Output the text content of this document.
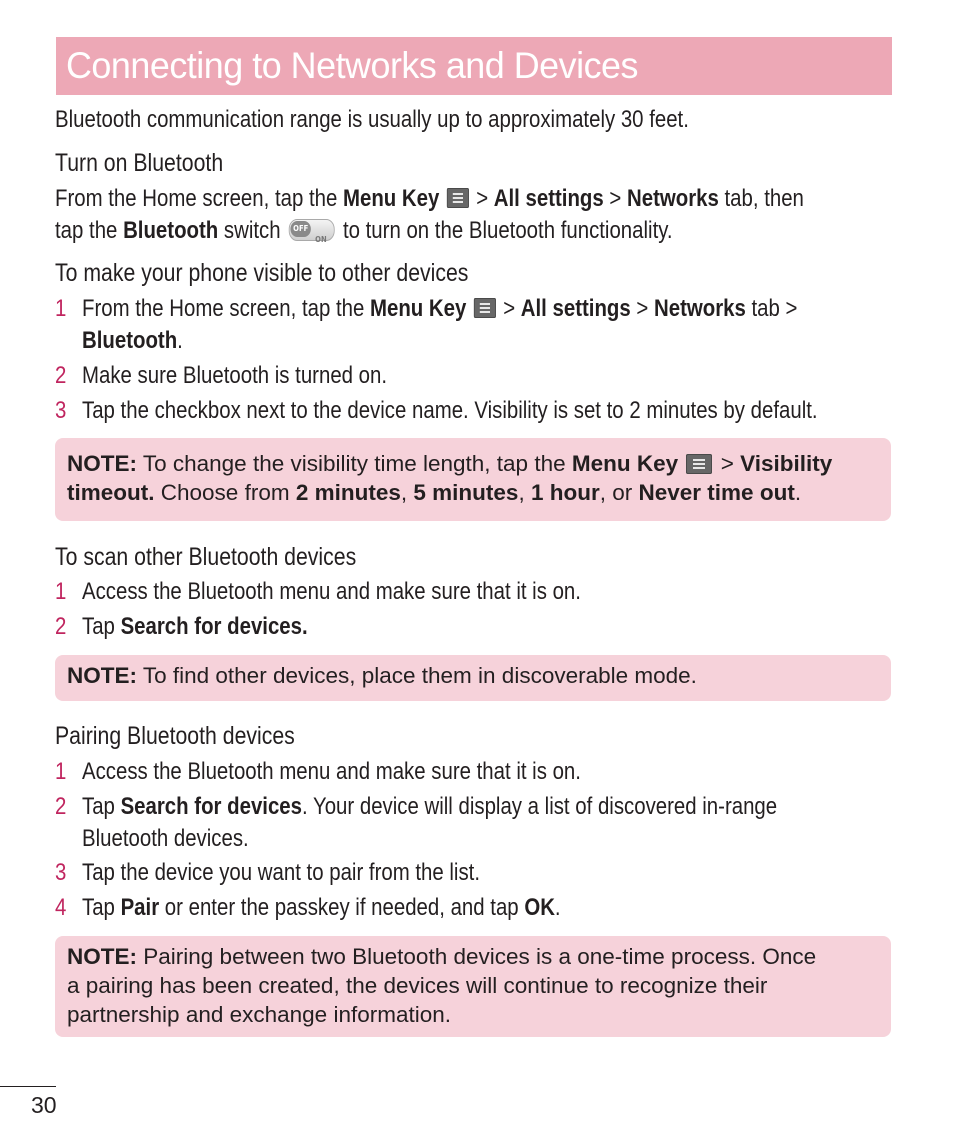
Connecting to Networks and Devices
Bluetooth communication range is usually up to approximately 30 feet.
Turn on Bluetooth
From the Home screen, tap the Menu Key > All settings > Networks tab, then
tap the Bluetooth switch	OFF
ON to turn on the Bluetooth functionality.
To make your phone visible to other devices
1 From the Home screen, tap the Menu Key > All settings > Networks tab >
Bluetooth.
2 Make sure Bluetooth is turned on.
3 Tap the checkbox next to the device name. Visibility is set to 2 minutes by default.

NOTE: To change the visibility time length, tap the Menu Key > Visibility

timeout. Choose from 2 minutes, 5 minutes, 1 hour, or Never time out.

To scan other Bluetooth devices
1 Access the Bluetooth menu and make sure that it is on.
2 Tap Search for devices.

NOTE: To find other devices, place them in discoverable mode.

Pairing Bluetooth devices
1 Access the Bluetooth menu and make sure that it is on.
2 Tap Search for devices. Your device will display a list of discovered in-range
Bluetooth devices.
3 Tap the device you want to pair from the list.
4 Tap Pair or enter the passkey if needed, and tap OK.

NOTE: Pairing between two Bluetooth devices is a one-time process. Once

a pairing has been created, the devices will continue to recognize their

partnership and exchange information.

30
